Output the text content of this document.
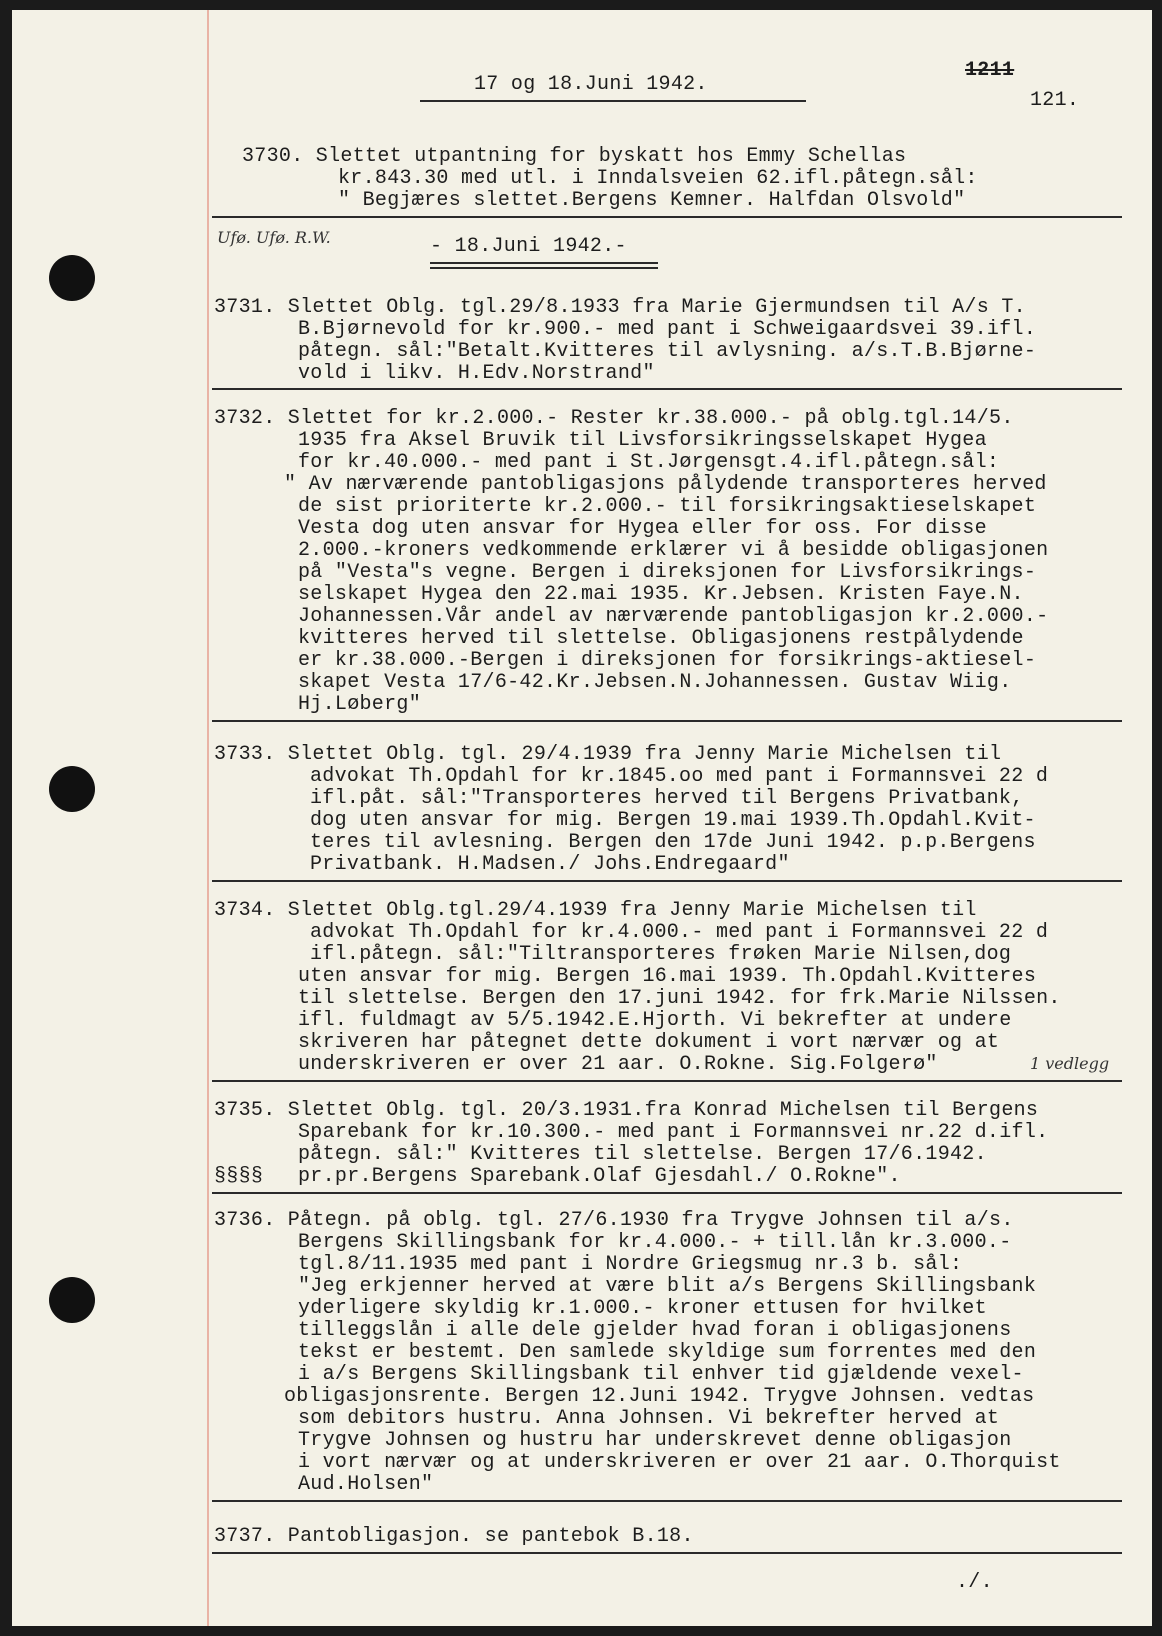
17 og 18.Juni 1942.

1211

121.

3730. Slettet utpantning for byskatt hos Emmy Schellas

kr.843.30 med utl. i Inndalsveien 62.ifl.påtegn.sål:

" Begjæres slettet.Bergens Kemner. Halfdan Olsvold"

Ufø. Ufø. R.W.	- 18.Juni 1942.-

3731. Slettet Oblg. tgl.29/8.1933 fra Marie Gjermundsen til A/s T.

B.Bjørnevold for kr.900.- med pant i Schweigaardsvei 39.ifl.

påtegn. sål:"Betalt.Kvitteres til avlysning. a/s.T.B.Bjørne-

vold i likv. H.Edv.Norstrand"

3732. Slettet for kr.2.000.- Rester kr.38.000.- på oblg.tgl.14/5.

1935 fra Aksel Bruvik til Livsforsikringsselskapet Hygea

for kr.40.000.- med pant i St.Jørgensgt.4.ifl.påtegn.sål:

" Av nærværende pantobligasjons pålydende transporteres herved

de sist prioriterte kr.2.000.- til forsikringsaktieselskapet

Vesta dog uten ansvar for Hygea eller for oss. For disse

2.000.-kroners vedkommende erklærer vi å besidde obligasjonen

på "Vesta"s vegne. Bergen i direksjonen for Livsforsikrings-

selskapet Hygea den 22.mai 1935. Kr.Jebsen. Kristen Faye.N.

Johannessen.Vår andel av nærværende pantobligasjon kr.2.000.-

kvitteres herved til slettelse. Obligasjonens restpålydende

er kr.38.000.-Bergen i direksjonen for forsikrings-aktiesel-

skapet Vesta 17/6-42.Kr.Jebsen.N.Johannessen. Gustav Wiig.

Hj.Løberg"

3733. Slettet Oblg. tgl. 29/4.1939 fra Jenny Marie Michelsen til

advokat Th.Opdahl for kr.1845.oo med pant i Formannsvei 22 d

ifl.påt. sål:"Transporteres herved til Bergens Privatbank,

dog uten ansvar for mig. Bergen 19.mai 1939.Th.Opdahl.Kvit-

teres til avlesning. Bergen den 17de Juni 1942. p.p.Bergens

Privatbank. H.Madsen./ Johs.Endregaard"

3734. Slettet Oblg.tgl.29/4.1939 fra Jenny Marie Michelsen til

advokat Th.Opdahl for kr.4.000.- med pant i Formannsvei 22 d

ifl.påtegn. sål:"Tiltransporteres frøken Marie Nilsen,dog

uten ansvar for mig. Bergen 16.mai 1939. Th.Opdahl.Kvitteres

til slettelse. Bergen den 17.juni 1942. for frk.Marie Nilssen.

ifl. fuldmagt av 5/5.1942.E.Hjorth. Vi bekrefter at undere

skriveren har påtegnet dette dokument i vort nærvær og at

underskriveren er over 21 aar. O.Rokne. Sig.Folgerø"	1 vedlegg

3735. Slettet Oblg. tgl. 20/3.1931.fra Konrad Michelsen til Bergens

Sparebank for kr.10.300.- med pant i Formannsvei nr.22 d.ifl.

påtegn. sål:" Kvitteres til slettelse. Bergen 17/6.1942.

pr.pr.Bergens Sparebank.Olaf Gjesdahl./ O.Rokne".

§§§§

3736. Påtegn. på oblg. tgl. 27/6.1930 fra Trygve Johnsen til a/s.

Bergens Skillingsbank for kr.4.000.- + till.lån kr.3.000.-

tgl.8/11.1935 med pant i Nordre Griegsmug nr.3 b. sål:

"Jeg erkjenner herved at være blit a/s Bergens Skillingsbank

yderligere skyldig kr.1.000.- kroner ettusen for hvilket

tilleggslån i alle dele gjelder hvad foran i obligasjonens

tekst er bestemt. Den samlede skyldige sum forrentes med den

i a/s Bergens Skillingsbank til enhver tid gjældende vexel-

obligasjonsrente. Bergen 12.Juni 1942. Trygve Johnsen. vedtas

som debitors hustru. Anna Johnsen. Vi bekrefter herved at

Trygve Johnsen og hustru har underskrevet denne obligasjon

i vort nærvær og at underskriveren er over 21 aar. O.Thorquist

Aud.Holsen"

3737. Pantobligasjon. se pantebok B.18.

./.
